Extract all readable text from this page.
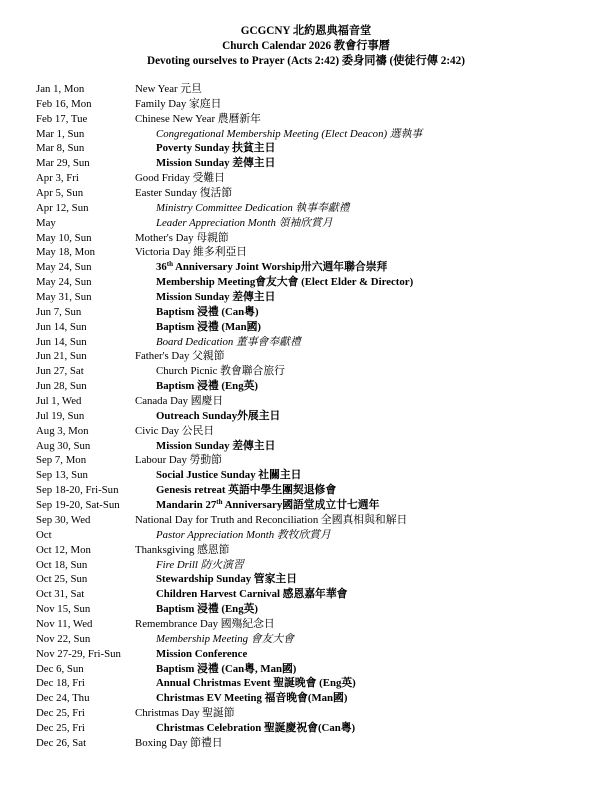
GCGCNY 北約恩典福音堂
Church Calendar 2026 教會行事曆
Devoting ourselves to Prayer (Acts 2:42) 委身同禱 (使徒行傳 2:42)
Jan 1, Mon	New Year 元旦
Feb 16, Mon	Family Day 家庭日
Feb 17, Tue	Chinese New Year 農曆新年
Mar 1, Sun	Congregational Membership Meeting (Elect Deacon) 選執事
Mar 8, Sun	Poverty Sunday 扶貧主日
Mar 29, Sun	Mission Sunday 差傳主日
Apr 3, Fri	Good Friday 受難日
Apr 5, Sun	Easter Sunday 復活節
Apr 12, Sun	Ministry Committee Dedication 執事奉獻禮
May	Leader Appreciation Month 領袖欣賞月
May 10, Sun	Mother's Day 母親節
May 18, Mon	Victoria Day 維多利亞日
May 24, Sun	36th Anniversary Joint Worship卅六週年聯合崇拜
May 24, Sun	Membership Meeting會友大會 (Elect Elder & Director)
May 31, Sun	Mission Sunday 差傳主日
Jun 7, Sun	Baptism 浸禮 (Can粵)
Jun 14, Sun	Baptism 浸禮 (Man國)
Jun 14, Sun	Board Dedication 董事會奉獻禮
Jun 21, Sun	Father's Day 父親節
Jun 27, Sat	Church Picnic 教會聯合旅行
Jun 28, Sun	Baptism 浸禮 (Eng英)
Jul 1, Wed	Canada Day 國慶日
Jul 19, Sun	Outreach Sunday外展主日
Aug 3, Mon	Civic Day 公民日
Aug 30, Sun	Mission Sunday 差傳主日
Sep 7, Mon	Labour Day 勞動節
Sep 13, Sun	Social Justice Sunday 社關主日
Sep 18-20, Fri-Sun	Genesis retreat 英語中學生團契退修會
Sep 19-20, Sat-Sun	Mandarin 27th Anniversary國語堂成立廿七週年
Sep 30, Wed	National Day for Truth and Reconciliation 全國真相與和解日
Oct	Pastor Appreciation Month 教牧欣賞月
Oct 12, Mon	Thanksgiving 感恩節
Oct 18, Sun	Fire Drill 防火演習
Oct 25, Sun	Stewardship Sunday 管家主日
Oct 31, Sat	Children Harvest Carnival 感恩嘉年華會
Nov 15, Sun	Baptism 浸禮 (Eng英)
Nov 11, Wed	Remembrance Day 國殤紀念日
Nov 22, Sun	Membership Meeting 會友大會
Nov 27-29, Fri-Sun	Mission Conference
Dec 6, Sun	Baptism 浸禮 (Can粵, Man國)
Dec 18, Fri	Annual Christmas Event 聖誕晚會 (Eng英)
Dec 24, Thu	Christmas EV Meeting 福音晚會(Man國)
Dec 25, Fri	Christmas Day 聖誕節
Dec 25, Fri	Christmas Celebration 聖誕慶祝會(Can粵)
Dec 26, Sat	Boxing Day 節禮日
